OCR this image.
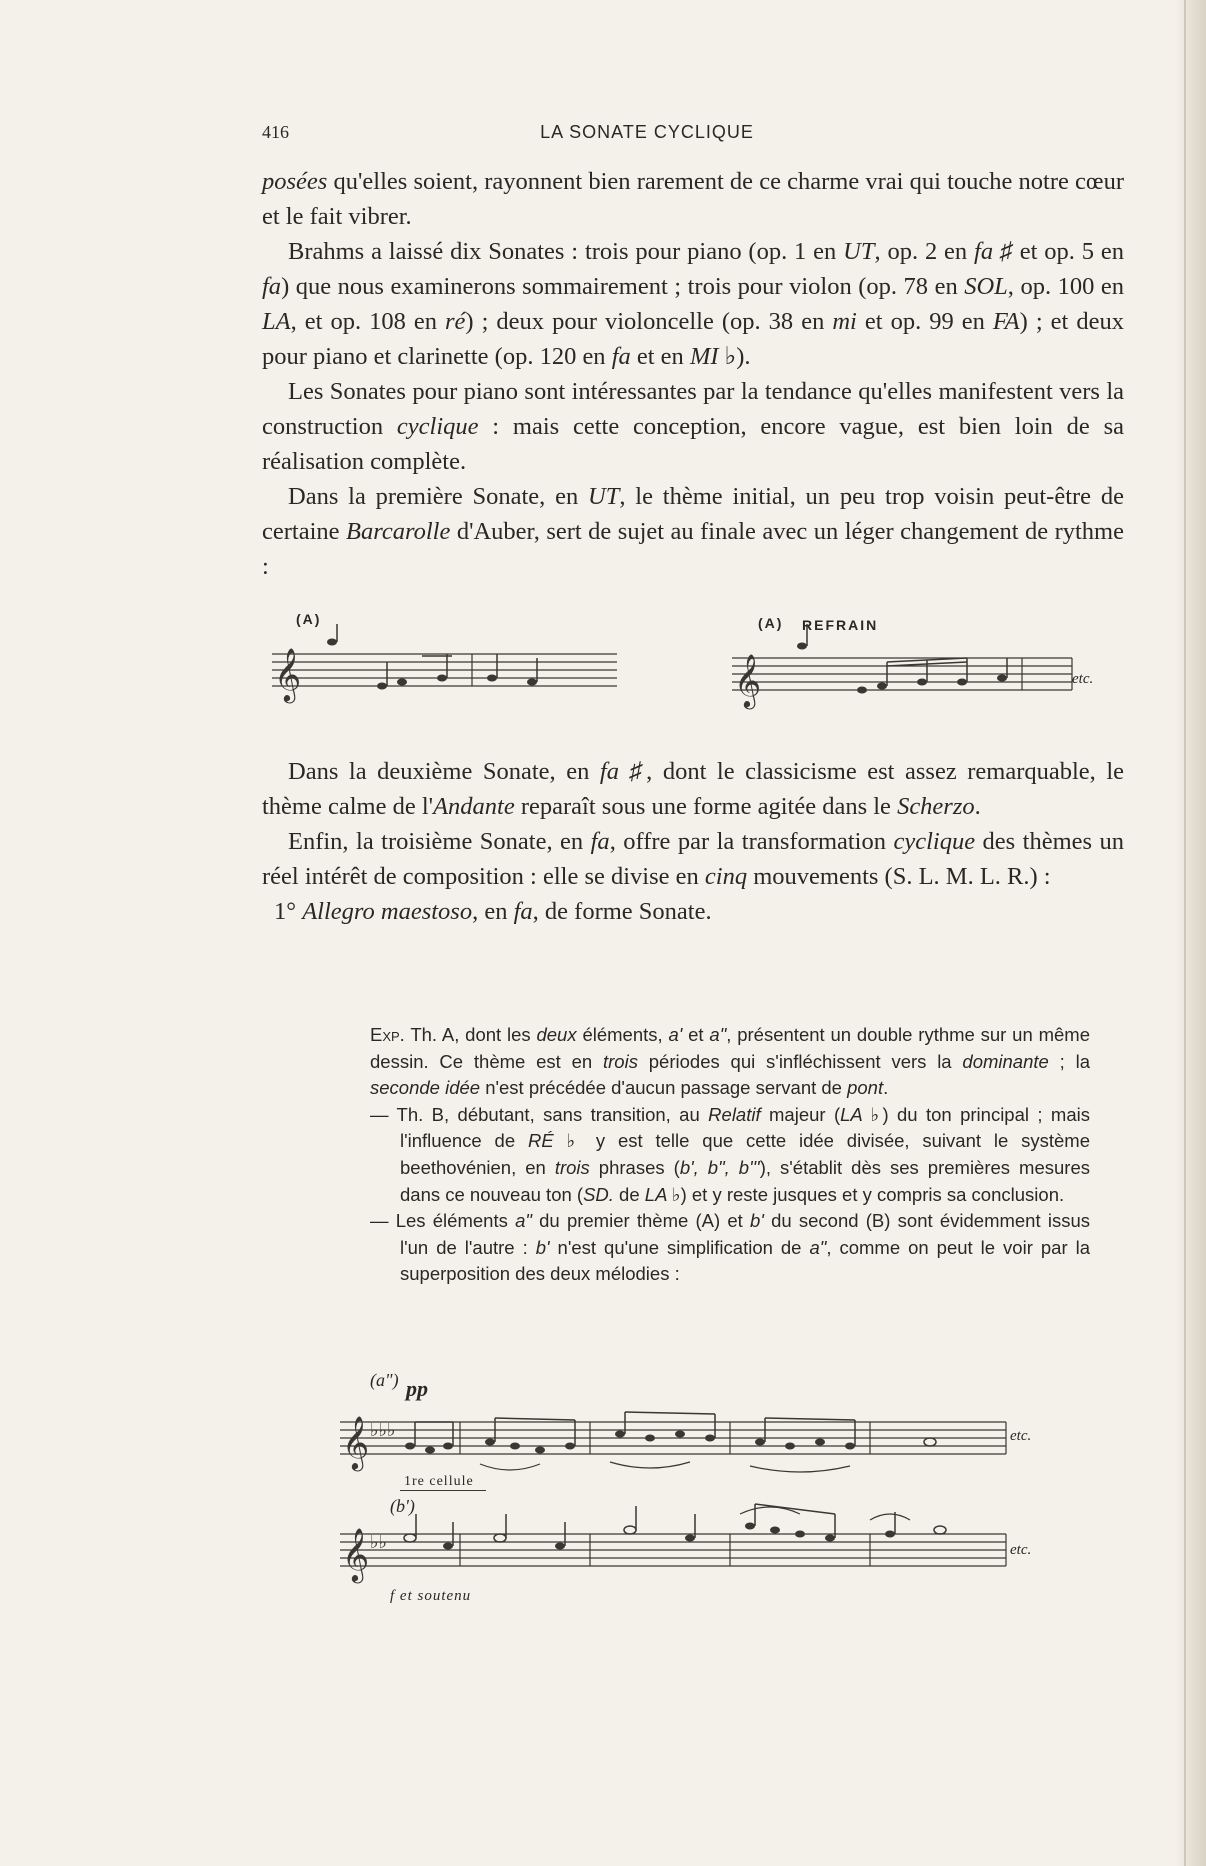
416	LA SONATE CYCLIQUE

posées qu'elles soient, rayonnent bien rarement de ce charme vrai qui touche notre cœur et le fait vibrer.

Brahms a laissé dix Sonates : trois pour piano (op. 1 en UT, op. 2 en fa ♯ et op. 5 en fa) que nous examinerons sommairement ; trois pour violon (op. 78 en SOL, op. 100 en LA, et op. 108 en ré) ; deux pour violoncelle (op. 38 en mi et op. 99 en FA) ; et deux pour piano et clarinette (op. 120 en fa et en MI ♭).

Les Sonates pour piano sont intéressantes par la tendance qu'elles manifestent vers la construction cyclique : mais cette conception, encore vague, est bien loin de sa réalisation complète.

Dans la première Sonate, en UT, le thème initial, un peu trop voisin peut-être de certaine Barcarolle d'Auber, sert de sujet au finale avec un léger changement de rythme :

(A)	(A) REFRAIN
etc.
𝄞	𝄞

Dans la deuxième Sonate, en fa ♯, dont le classicisme est assez remarquable, le thème calme de l'Andante reparaît sous une forme agitée dans le Scherzo.

Enfin, la troisième Sonate, en fa, offre par la transformation cyclique des thèmes un réel intérêt de composition : elle se divise en cinq mouvements (S. L. M. L. R.) :

1° Allegro maestoso, en fa, de forme Sonate.

Exp. Th. A, dont les deux éléments, a' et a", présentent un double rythme sur un même dessin. Ce thème est en trois périodes qui s'infléchissent vers la dominante ; la seconde idée n'est précédée d'aucun passage servant de pont.

— Th. B, débutant, sans transition, au Relatif majeur (LA ♭) du ton principal ; mais l'influence de RÉ ♭ y est telle que cette idée divisée, suivant le système beethovénien, en trois phrases (b', b", b'''), s'établit dès ses premières mesures dans ce nouveau ton (SD. de LA ♭) et y reste jusques et y compris sa conclusion.

— Les éléments a" du premier thème (A) et b' du second (B) sont évidemment issus l'un de l'autre : b' n'est qu'une simplification de a", comme on peut le voir par la superposition des deux mélodies :

(a") pp
1re cellule
etc.
(b')
f et soutenu
etc.
𝄞
𝄞
♭♭♭
♭♭
